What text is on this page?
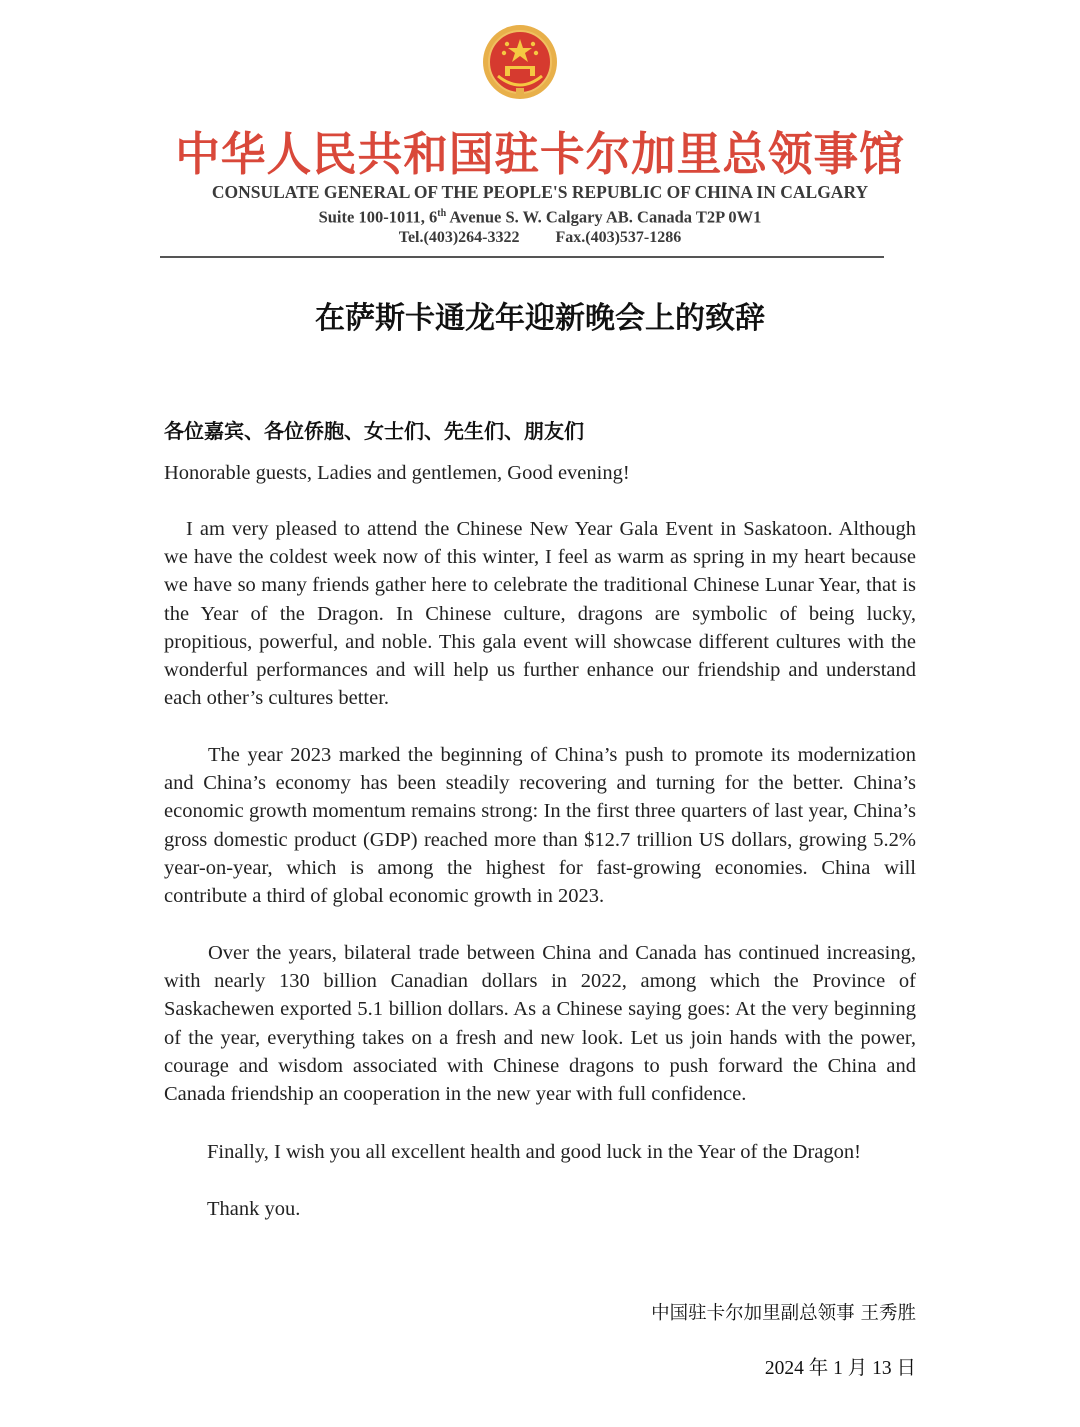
中华人民共和国驻卡尔加里总领事馆
CONSULATE GENERAL OF THE PEOPLE'S REPUBLIC OF CHINA IN CALGARY
Suite 100-1011, 6th Avenue S. W. Calgary AB. Canada T2P 0W1
Tel.(403)264-3322 Fax.(403)537-1286
在萨斯卡通龙年迎新晚会上的致辞
各位嘉宾、各位侨胞、女士们、先生们、朋友们
Honorable guests, Ladies and gentlemen, Good evening!

I am very pleased to attend the Chinese New Year Gala Event in Saskatoon. Although we have the coldest week now of this winter, I feel as warm as spring in my heart because we have so many friends gather here to celebrate the traditional Chinese Lunar Year, that is the Year of the Dragon. In Chinese culture, dragons are symbolic of being lucky, propitious, powerful, and noble. This gala event will showcase different cultures with the wonderful performances and will help us further enhance our friendship and understand each other’s cultures better.

The year 2023 marked the beginning of China’s push to promote its modernization and China’s economy has been steadily recovering and turning for the better. China’s economic growth momentum remains strong: In the first three quarters of last year, China’s gross domestic product (GDP) reached more than $12.7 trillion US dollars, growing 5.2% year-on-year, which is among the highest for fast-growing economies. China will contribute a third of global economic growth in 2023.

Over the years, bilateral trade between China and Canada has continued increasing, with nearly 130 billion Canadian dollars in 2022, among which the Province of Saskachewen exported 5.1 billion dollars. As a Chinese saying goes: At the very beginning of the year, everything takes on a fresh and new look. Let us join hands with the power, courage and wisdom associated with Chinese dragons to push forward the China and Canada friendship an cooperation in the new year with full confidence.

Finally, I wish you all excellent health and good luck in the Year of the Dragon!
Thank you.
中国驻卡尔加里副总领事 王秀胜
2024 年 1 月 13 日
